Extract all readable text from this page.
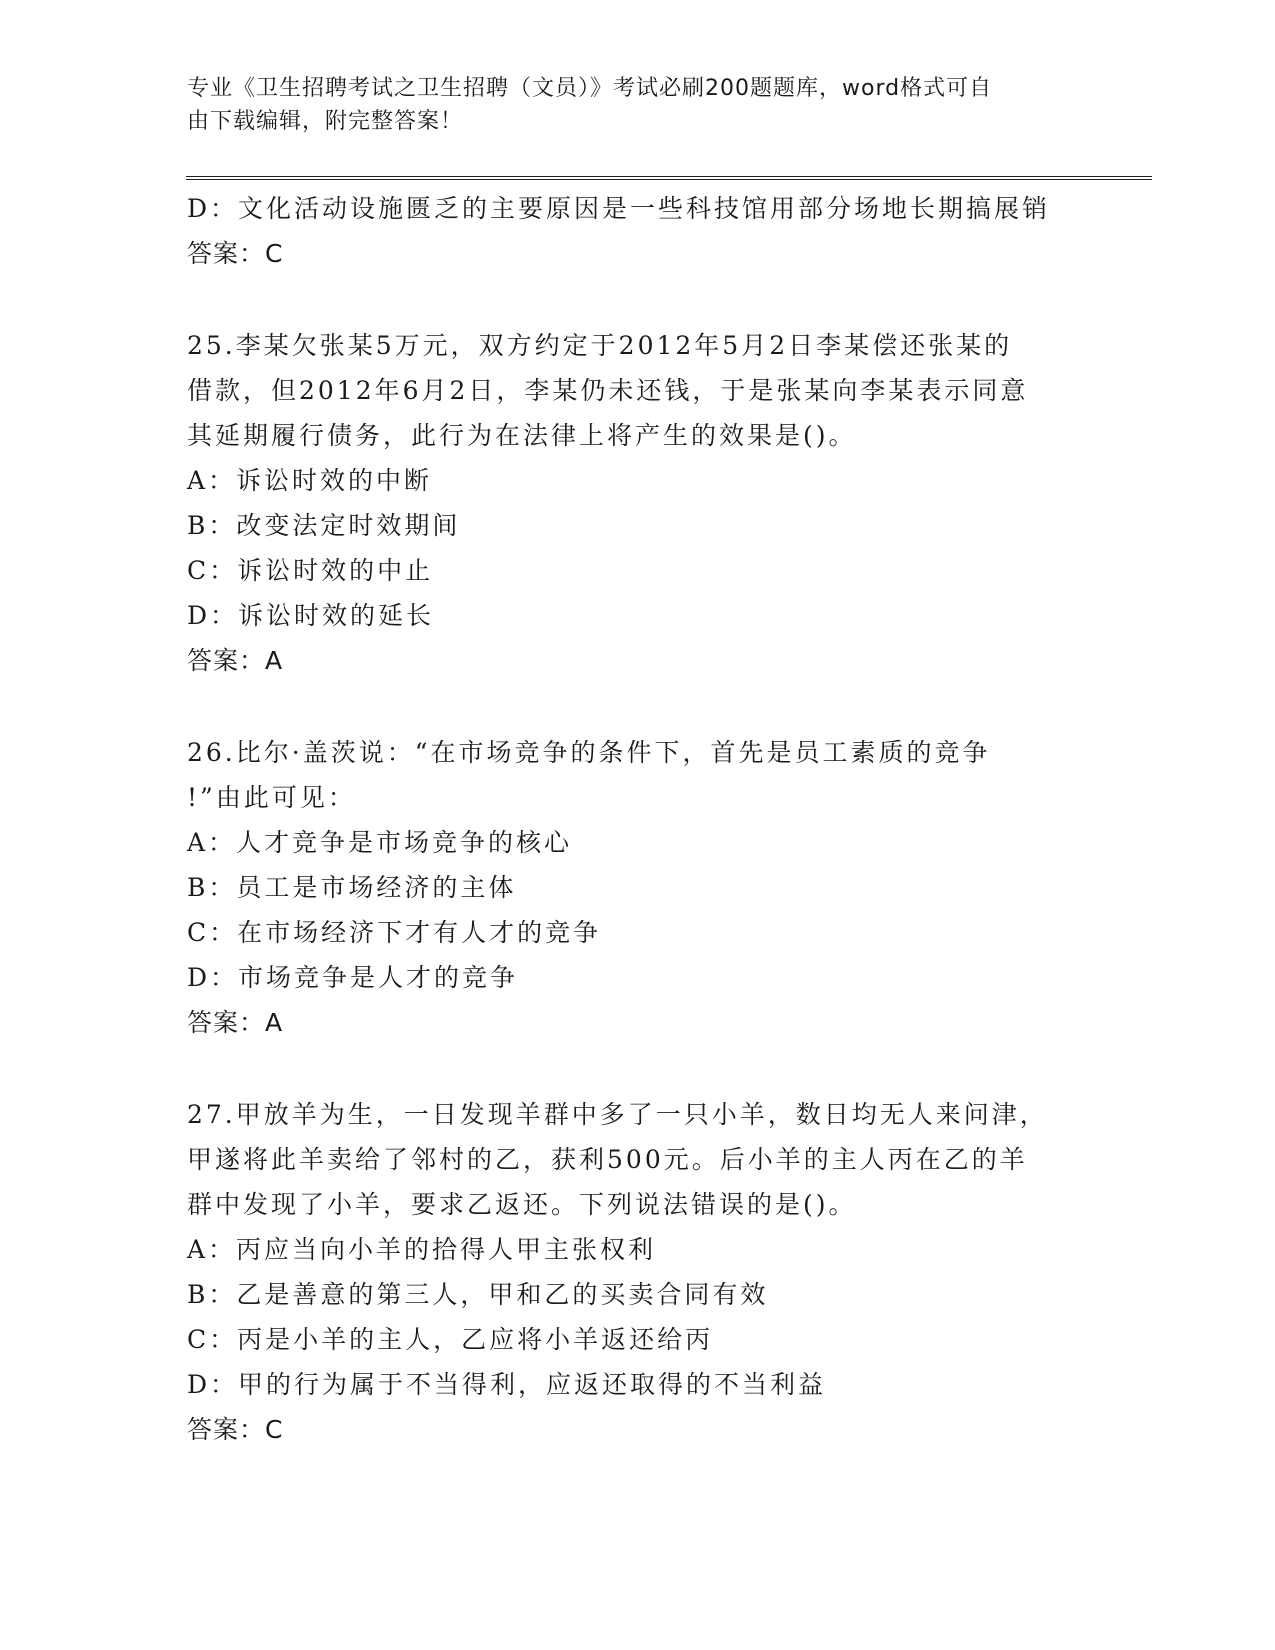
专业《卫生招聘考试之卫生招聘（文员）》考试必刷200题题库，word格式可自
由下载编辑，附完整答案！
D：文化活动设施匮乏的主要原因是一些科技馆用部分场地长期搞展销
答案：C
25.李某欠张某5万元，双方约定于2012年5月2日李某偿还张某的
借款，但2012年6月2日，李某仍未还钱，于是张某向李某表示同意
其延期履行债务，此行为在法律上将产生的效果是()。
A：诉讼时效的中断
B：改变法定时效期间
C：诉讼时效的中止
D：诉讼时效的延长
答案：A
26.比尔·盖茨说：“在市场竞争的条件下，首先是员工素质的竞争
!”由此可见：
A：人才竞争是市场竞争的核心
B：员工是市场经济的主体
C：在市场经济下才有人才的竞争
D：市场竞争是人才的竞争
答案：A
27.甲放羊为生，一日发现羊群中多了一只小羊，数日均无人来问津，
甲遂将此羊卖给了邻村的乙，获利500元。后小羊的主人丙在乙的羊
群中发现了小羊，要求乙返还。下列说法错误的是()。
A：丙应当向小羊的拾得人甲主张权利
B：乙是善意的第三人，甲和乙的买卖合同有效
C：丙是小羊的主人，乙应将小羊返还给丙
D：甲的行为属于不当得利，应返还取得的不当利益
答案：C
